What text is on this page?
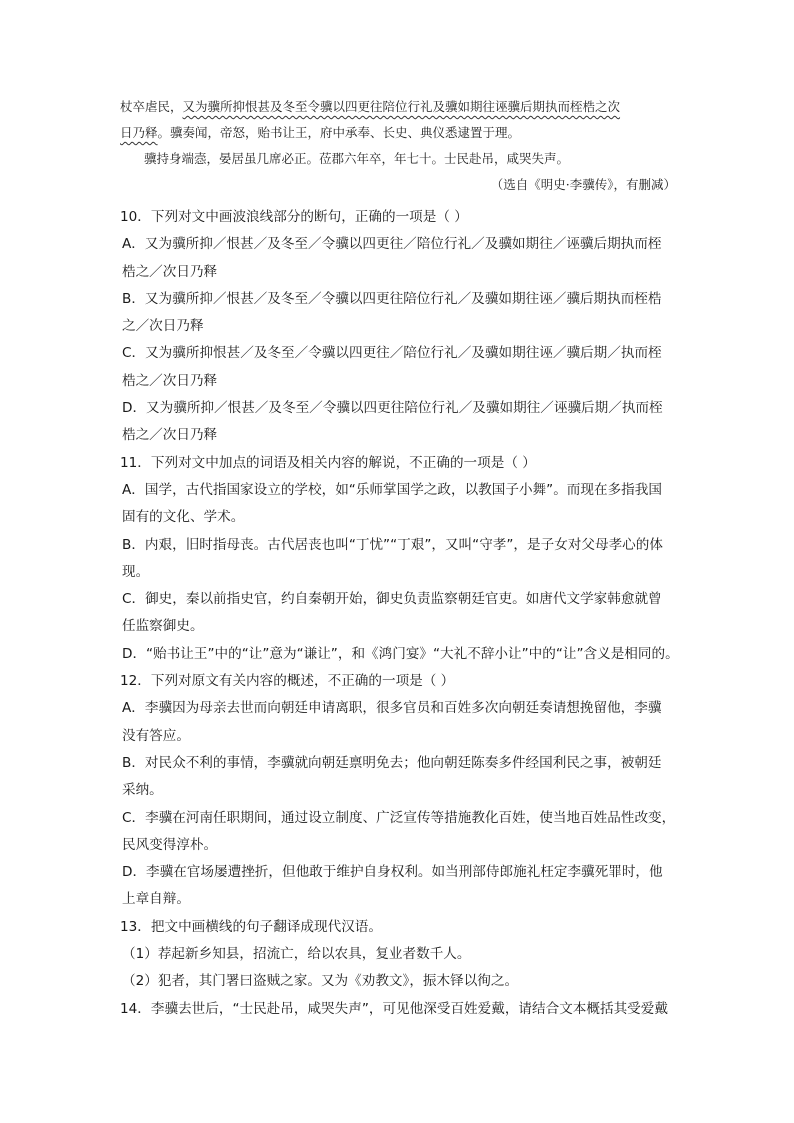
杖卒虐民，又为骥所抑恨甚及冬至令骥以四更往陪位行礼及骥如期往诬骥后期执而桎梏之次

日乃释。骥奏闻，帝怒，贻书让王，府中承奉、长史、典仪悉逮置于理。

骥持身端悫，晏居虽几席必正。莅郡六年卒，年七十。士民赴吊，咸哭失声。

（选自《明史·李骥传》，有删减）

10．下列对文中画波浪线部分的断句，正确的一项是（ ）

A．又为骥所抑／恨甚／及冬至／令骥以四更往／陪位行礼／及骥如期往／诬骥后期执而桎

梏之／次日乃释

B．又为骥所抑／恨甚／及冬至／令骥以四更往陪位行礼／及骥如期往诬／骥后期执而桎梏

之／次日乃释

C．又为骥所抑恨甚／及冬至／令骥以四更往／陪位行礼／及骥如期往诬／骥后期／执而桎

梏之／次日乃释

D．又为骥所抑／恨甚／及冬至／令骥以四更往陪位行礼／及骥如期往／诬骥后期／执而桎

梏之／次日乃释

11．下列对文中加点的词语及相关内容的解说，不正确的一项是（ ）

A．国学，古代指国家设立的学校，如“乐师掌国学之政，以教国子小舞”。而现在多指我国

固有的文化、学术。

B．内艰，旧时指母丧。古代居丧也叫“丁忧”“丁艰”，又叫“守孝”，是子女对父母孝心的体

现。

C．御史，秦以前指史官，约自秦朝开始，御史负责监察朝廷官吏。如唐代文学家韩愈就曾

任监察御史。

D．“贻书让王”中的“让”意为“谦让”，和《鸿门宴》“大礼不辞小让”中的“让”含义是相同的。

12．下列对原文有关内容的概述，不正确的一项是（ ）

A．李骥因为母亲去世而向朝廷申请离职，很多官员和百姓多次向朝廷奏请想挽留他，李骥

没有答应。

B．对民众不利的事情，李骥就向朝廷禀明免去；他向朝廷陈奏多件经国利民之事，被朝廷

采纳。

C．李骥在河南任职期间，通过设立制度、广泛宣传等措施教化百姓，使当地百姓品性改变，

民风变得淳朴。

D．李骥在官场屡遭挫折，但他敢于维护自身权利。如当刑部侍郎施礼枉定李骥死罪时，他

上章自辩。

13．把文中画横线的句子翻译成现代汉语。

（1）荐起新乡知县，招流亡，给以农具，复业者数千人。

（2）犯者，其门署曰盗贼之家。又为《劝教文》，振木铎以徇之。

14．李骥去世后，“士民赴吊，咸哭失声”，可见他深受百姓爱戴，请结合文本概括其受爱戴
